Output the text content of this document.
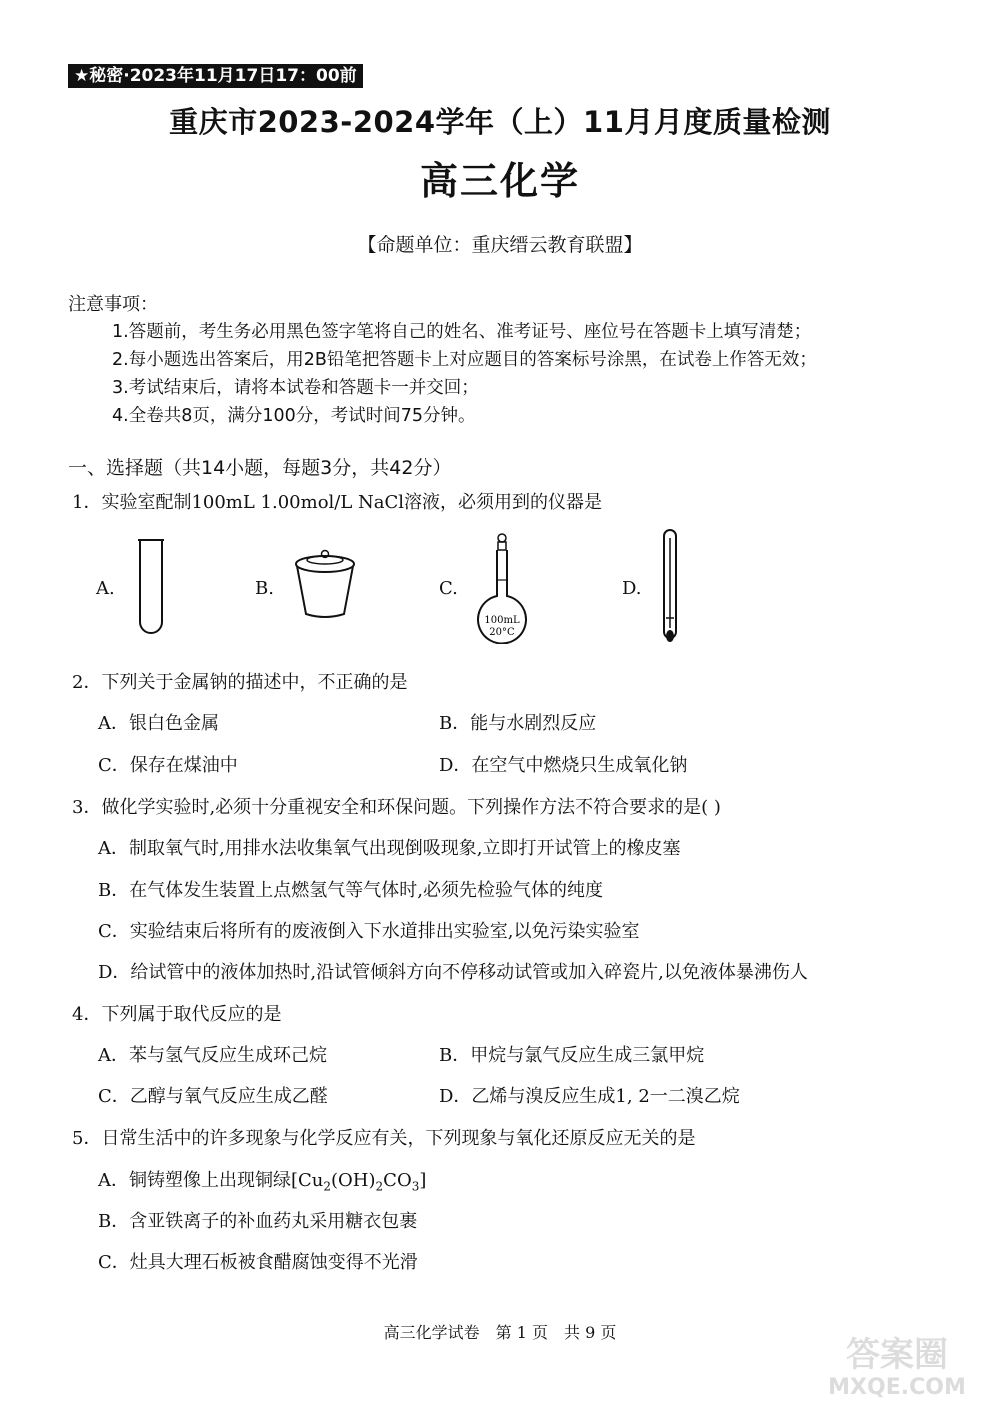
★秘密·2023年11月17日17：00前
重庆市2023-2024学年（上）11月月度质量检测
高三化学
【命题单位：重庆缙云教育联盟】
注意事项：
1.答题前，考生务必用黑色签字笔将自己的姓名、准考证号、座位号在答题卡上填写清楚；
2.每小题选出答案后，用2B铅笔把答题卡上对应题目的答案标号涂黑，在试卷上作答无效；
3.考试结束后，请将本试卷和答题卡一并交回；
4.全卷共8页，满分100分，考试时间75分钟。
一、选择题（共14小题，每题3分，共42分）
1．实验室配制100mL 1.00mol/L NaCl溶液，必须用到的仪器是
A.	B.	C.
100mL
20°C
D.
2．下列关于金属钠的描述中，不正确的是
A．银白色金属	B．能与水剧烈反应
C．保存在煤油中	D．在空气中燃烧只生成氧化钠
3．做化学实验时,必须十分重视安全和环保问题。下列操作方法不符合要求的是( )
A．制取氧气时,用排水法收集氧气出现倒吸现象,立即打开试管上的橡皮塞
B．在气体发生装置上点燃氢气等气体时,必须先检验气体的纯度
C．实验结束后将所有的废液倒入下水道排出实验室,以免污染实验室
D．给试管中的液体加热时,沿试管倾斜方向不停移动试管或加入碎瓷片,以免液体暴沸伤人
4．下列属于取代反应的是
A．苯与氢气反应生成环己烷	B．甲烷与氯气反应生成三氯甲烷
C．乙醇与氧气反应生成乙醛	D．乙烯与溴反应生成1, 2一二溴乙烷
5．日常生活中的许多现象与化学反应有关，下列现象与氧化还原反应无关的是
A．铜铸塑像上出现铜绿$[Cu_2(OH)_2CO_3]$
B．含亚铁离子的补血药丸采用糖衣包裹
C．灶具大理石板被食醋腐蚀变得不光滑
高三化学试卷　第 1 页　共 9 页
答案圈
MXQE.COM
